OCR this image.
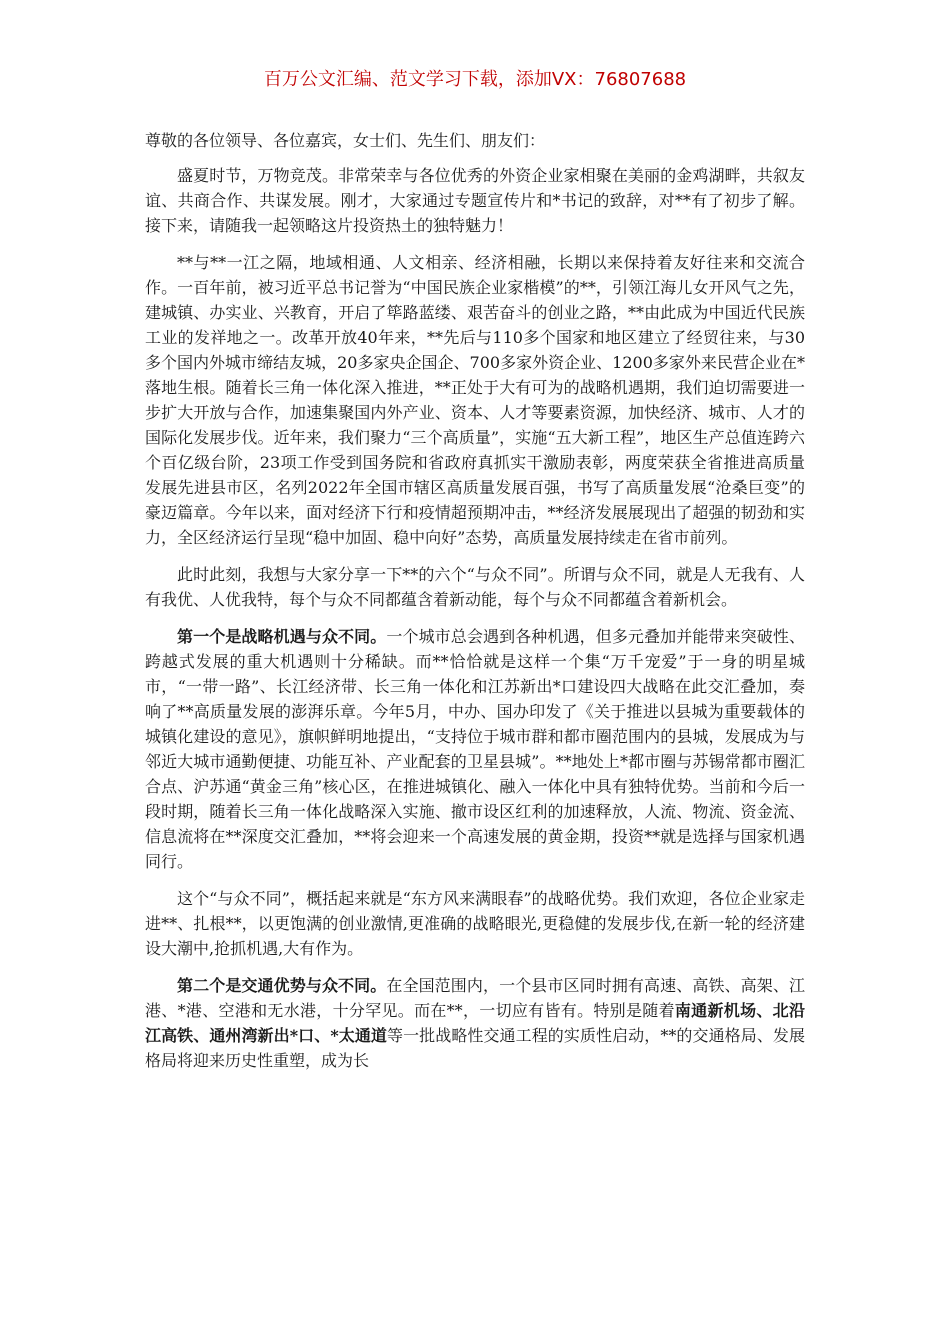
百万公文汇编、范文学习下载，添加VX：76807688

尊敬的各位领导、各位嘉宾，女士们、先生们、朋友们：

盛夏时节，万物竞茂。非常荣幸与各位优秀的外资企业家相聚在美丽的金鸡湖畔，共叙友谊、共商合作、共谋发展。刚才，大家通过专题宣传片和*书记的致辞，对**有了初步了解。接下来，请随我一起领略这片投资热土的独特魅力！

**与**一江之隔，地域相通、人文相亲、经济相融，长期以来保持着友好往来和交流合作。一百年前，被习近平总书记誉为“中国民族企业家楷模”的**，引领江海儿女开风气之先，建城镇、办实业、兴教育，开启了筚路蓝缕、艰苦奋斗的创业之路，**由此成为中国近代民族工业的发祥地之一。改革开放40年来，**先后与110多个国家和地区建立了经贸往来，与30多个国内外城市缔结友城，20多家央企国企、700多家外资企业、1200多家外来民营企业在*落地生根。随着长三角一体化深入推进，**正处于大有可为的战略机遇期，我们迫切需要进一步扩大开放与合作，加速集聚国内外产业、资本、人才等要素资源，加快经济、城市、人才的国际化发展步伐。近年来，我们聚力“三个高质量”，实施“五大新工程”，地区生产总值连跨六个百亿级台阶，23项工作受到国务院和省政府真抓实干激励表彰，两度荣获全省推进高质量发展先进县市区，名列2022年全国市辖区高质量发展百强，书写了高质量发展“沧桑巨变”的豪迈篇章。今年以来，面对经济下行和疫情超预期冲击，**经济发展展现出了超强的韧劲和实力，全区经济运行呈现“稳中加固、稳中向好”态势，高质量发展持续走在省市前列。

此时此刻，我想与大家分享一下**的六个“与众不同”。所谓与众不同，就是人无我有、人有我优、人优我特，每个与众不同都蕴含着新动能，每个与众不同都蕴含着新机会。

第一个是战略机遇与众不同。一个城市总会遇到各种机遇，但多元叠加并能带来突破性、跨越式发展的重大机遇则十分稀缺。而**恰恰就是这样一个集“万千宠爱”于一身的明星城市，“一带一路”、长江经济带、长三角一体化和江苏新出*口建设四大战略在此交汇叠加，奏响了**高质量发展的澎湃乐章。今年5月，中办、国办印发了《关于推进以县城为重要载体的城镇化建设的意见》，旗帜鲜明地提出，“支持位于城市群和都市圈范围内的县城，发展成为与邻近大城市通勤便捷、功能互补、产业配套的卫星县城”。**地处上*都市圈与苏锡常都市圈汇合点、沪苏通“黄金三角”核心区，在推进城镇化、融入一体化中具有独特优势。当前和今后一段时期，随着长三角一体化战略深入实施、撤市设区红利的加速释放，人流、物流、资金流、信息流将在**深度交汇叠加，**将会迎来一个高速发展的黄金期，投资**就是选择与国家机遇同行。

这个“与众不同”，概括起来就是“东方风来满眼春”的战略优势。我们欢迎，各位企业家走进**、扎根**，以更饱满的创业激情,更准确的战略眼光,更稳健的发展步伐,在新一轮的经济建设大潮中,抢抓机遇,大有作为。

第二个是交通优势与众不同。在全国范围内，一个县市区同时拥有高速、高铁、高架、江港、*港、空港和无水港，十分罕见。而在**，一切应有皆有。特别是随着南通新机场、北沿江高铁、通州湾新出*口、*太通道等一批战略性交通工程的实质性启动，**的交通格局、发展格局将迎来历史性重塑，成为长
